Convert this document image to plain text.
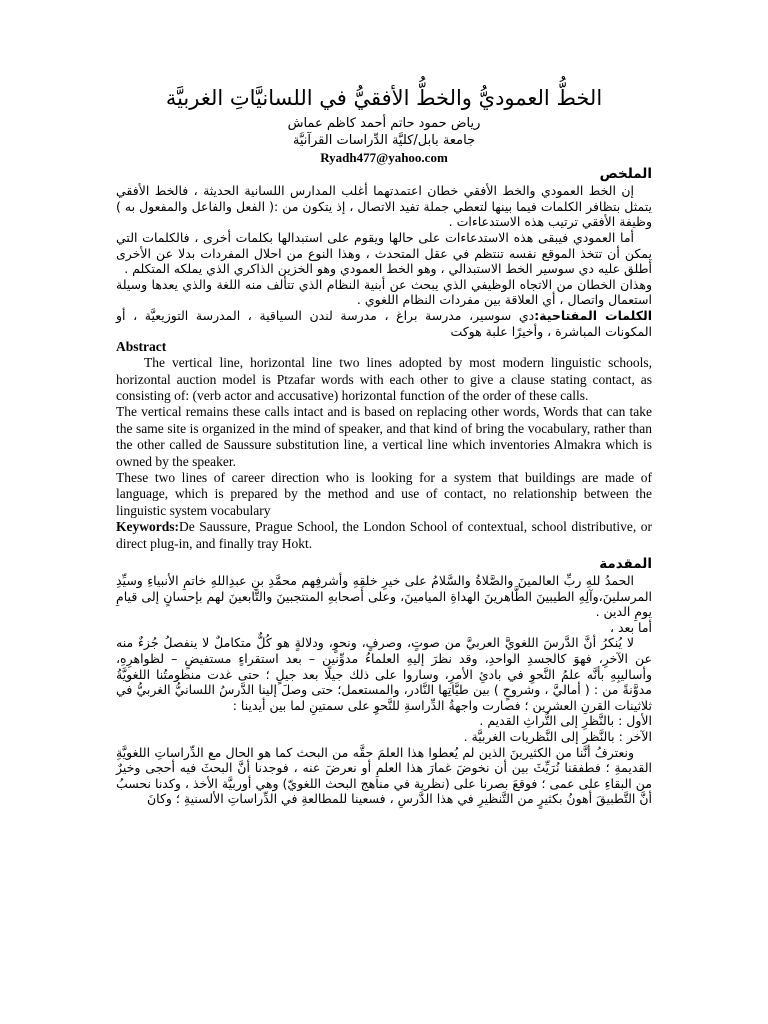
الخطُّ العموديُّ والخطُّ الأفقيُّ في اللسانيَّاتِ الغربيَّة
رياض حمود حاتم أحمد كاظم عماش
جامعة بابل/كليَّة الدِّراسات القرآنيَّة
Ryadh477@yahoo.com
الملخص

إن الخط العمودي والخط الأفقي خطان اعتمدتهما أغلب المدارس اللسانية الحديثة ، فالخط الأفقي يتمثل بتظافر الكلمات فيما بينها لتعطي جملة تفيد الاتصال ، إذ يتكون من :( الفعل والفاعل والمفعول به ) وظيفة الأفقي ترتيب هذه الاستدعاءات .

أما العمودي فيبقى هذه الاستدعاءات على حالها ويقوم على استبدالها بكلمات أخرى ، فالكلمات التي يمكن أن تتخذ الموقع نفسه تنتظم في عقل المتحدث ، وهذا النوع من احلال المفردات بدلا عن الأخرى أطلق عليه دي سوسير الخط الاستبدالي ، وهو الخط العمودي وهو الخزين الذاكري الذي يملكه المتكلم .

وهذان الخطان من الاتجاه الوظيفي الذي يبحث عن أبنية النظام الذي تتألف منه اللغة والذي يعدها وسيلة استعمال واتصال ، أي العلاقة بين مفردات النظام اللغوي .

الكلمات المفتاحية:دي سوسير، مدرسة براغ ، مدرسة لندن السياقية ، المدرسة التوزيعيَّة ، أو المكونات المباشرة ، وأخيرًا علبة هوكت

Abstract

The vertical line, horizontal line two lines adopted by most modern linguistic schools, horizontal auction model is Ptzafar words with each other to give a clause stating contact, as consisting of: (verb actor and accusative) horizontal function of the order of these calls.

The vertical remains these calls intact and is based on replacing other words, Words that can take the same site is organized in the mind of speaker, and that kind of bring the vocabulary, rather than the other called de Saussure substitution line, a vertical line which inventories Almakra which is owned by the speaker.

These two lines of career direction who is looking for a system that buildings are made of language, which is prepared by the method and use of contact, no relationship between the linguistic system vocabulary

Keywords:De Saussure, Prague School, the London School of contextual, school distributive, or direct plug-in, and finally tray Hokt.

المقدمة

الحمدُ للهِ ربِّ العالمينَ والصَّلاةُ والسَّلامُ على خيرِ خلقِهِ وأشرفِهم محمَّدِ بنِ عبدِاللهِ خاتمِ الأنبياءِ وسيِّدِ المرسلينَ،وآلِهِ الطيبينَ الطَّاهرينَ الهداةِ الميامينَ، وعلى أصحابهِ المنتجبينَ والتَّابعينَ لهم بإحسانٍ إلى قيامِ يومِ الدين .

أما بعد ،

لا يُنكرُ أنَّ الدَّرسَ اللغويَّ العربيَّ من صوتٍ، وصرفٍ، ونحوٍ، ودلالةٍ هو كُلٌّ متكاملٌ لا ينفصلُ جُزءٌ منه عن الآخرِ، فهوَ كالجسدِ الواحدِ، وقد نظرَ إليهِ العلماءُ مدوِّنين – بعد استقراءٍ مستفيضٍ – لظواهرِهِ، وأساليبِهِ بأنَّه علمُ النَّحوِ في بادئِ الأمرِ، وساروا على ذلك جيلًا بعد جيلٍ ؛ حتى غدت منظومتُنا اللغويَّةُ مدوَّنةً من : ( أماليَّ ، وشروحٍ ) بين طيَّاتِها النَّادر، والمستعمل؛ حتى وصلَ إلينا الدَّرسُ اللسانيُّ الغربيُّ في ثلاثينات القرنِ العشرين ؛ فصارت واجهةُ الدِّراسةِ للنَّحوِ على سمتينِ لما بين أيدينا :

الأول : بالنَّظرِ إلى التُّراثِ القديم .

الآخر : بالنَّظر إلى النَّظريات الغربيَّة .

ونعترفُ أنَّنا من الكثيرينَ الذين لم يُعطوا هذا العلمَ حقَّه من البحث كما هو الحال مع الدِّراساتِ اللغويَّةِ القديمةِ ؛ فطفقنا نُرَيِّثَ بين أن نخوضَ غمارَ هذا العلمِ أو نعرضَ عنه ، فوجدنا أنَّ البحثَ فيه أحجى وخيرٌ من البقاءِ على عمى ؛ فوقعَ بصرنا على (نظرية في مناهج البحث اللغويّ) وهي أوربيَّة الأخذ ، وكدنا نحسبُ أنَّ التَّطبيقَ أهونُ بكثيرٍ من التَّنظيرِ في هذا الدَّرسِ ، فسعينا للمطالعةِ في الدِّراساتِ الألسنيةِ ؛ وكانَ
